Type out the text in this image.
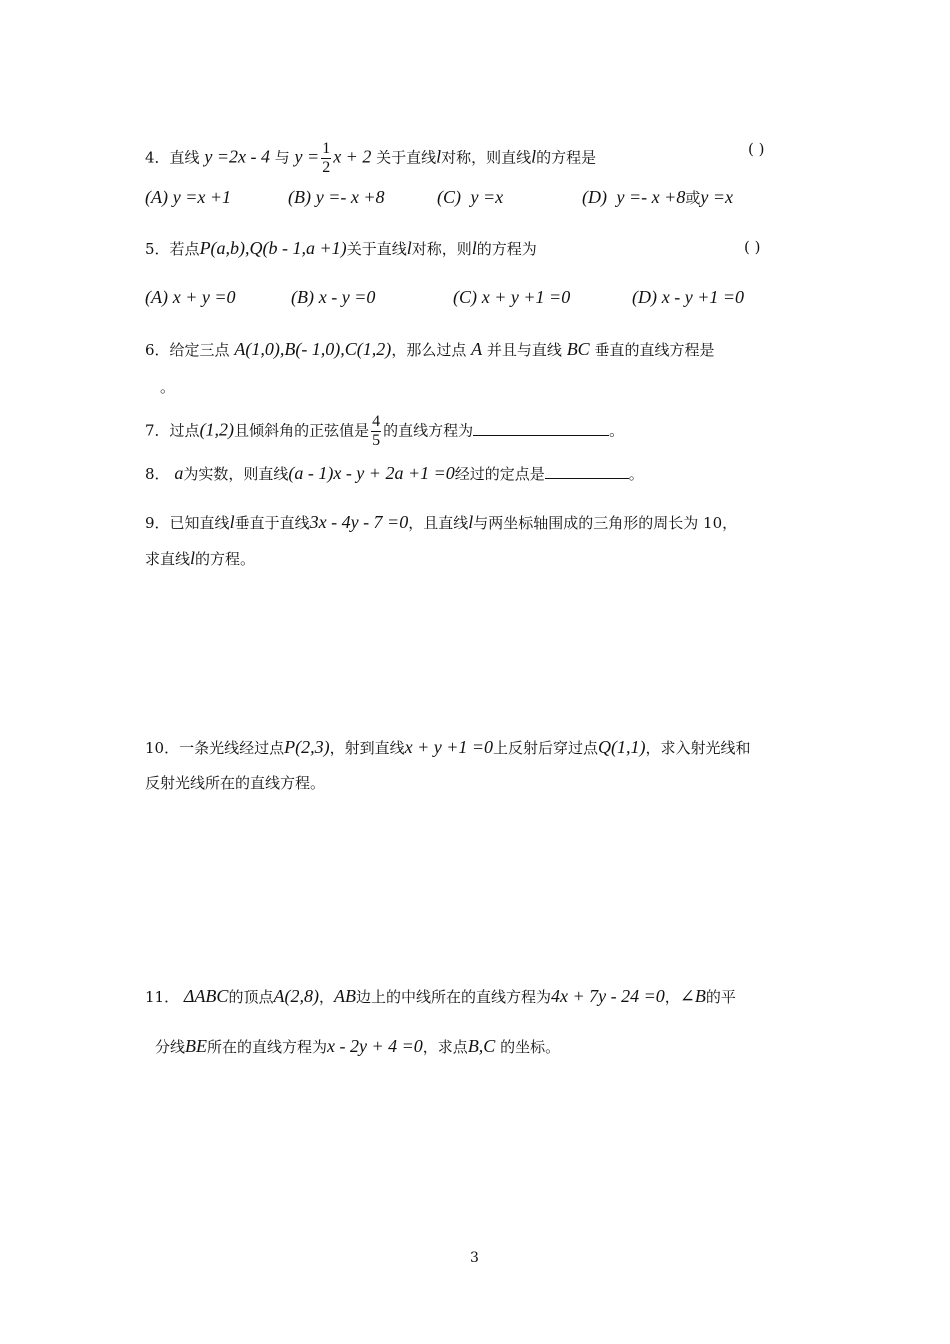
4．直线 y =2x - 4 与 $y = \frac{1}{2}$ x + 2 关于直线l对称，则直线l的方程是	( )
(A) y =x +1	(B) y =- x +8	(C) y =x	(D) y =- x +8或y =x
5．若点P(a,b),Q(b - 1,a +1)关于直线l对称，则l的方程为	( )
(A) x + y =0	(B) x - y =0	(C) x + y +1 =0	(D) x - y +1 =0
6．给定三点 A(1,0),B(- 1,0),C(1,2)，那么过点 A 并且与直线 BC 垂直的直线方程是
。
7．过点(1,2)且倾斜角的正弦值是 $\frac{4}{5}$ 的直线方程为	。
8． a为实数，则直线(a - 1)x - y + 2a +1 =0经过的定点是	。
9．已知直线l垂直于直线3x - 4y - 7 =0，且直线l与两坐标轴围成的三角形的周长为 10，
求直线l的方程。
10．一条光线经过点P(2,3)，射到直线x + y +1 =0上反射后穿过点Q(1,1)，求入射光线和
反射光线所在的直线方程。
11． ΔABC的顶点A(2,8)，AB边上的中线所在的直线方程为4x + 7y - 24 =0，∠B的平
分线BE所在的直线方程为x - 2y + 4 =0，求点B,C 的坐标。
3
